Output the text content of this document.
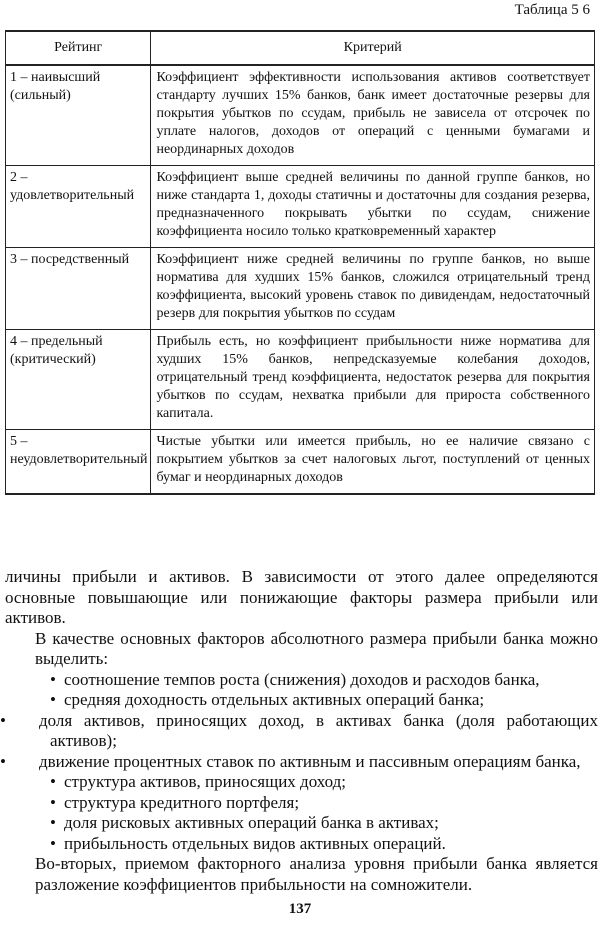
Таблица 5 6
Рейтинг	Критерий
1 – наивысший (сильный)	Коэффициент эффективности использования активов соответствует стандарту лучших 15% банков, банк имеет достаточные резервы для покрытия убытков по ссудам, прибыль не зависела от отсрочек по уплате налогов, доходов от операций с ценными бумагами и неординарных доходов
2 – удовлетворительный	Коэффициент выше средней величины по данной группе банков, но ниже стандарта 1, доходы статичны и достаточны для создания резерва, предназначенного покрывать убытки по ссудам, снижение коэффициента носило только кратковременный характер
3 – посредственный	Коэффициент ниже средней величины по группе банков, но выше норматива для худших 15% банков, сложился отрицательный тренд коэффициента, высокий уровень ставок по дивидендам, недостаточный резерв для покрытия убытков по ссудам
4 – предельный (критический)	Прибыль есть, но коэффициент прибыльности ниже норматива для худших 15% банков, непредсказуемые колебания доходов, отрицательный тренд коэффициента, недостаток резерва для покрытия убытков по ссудам, нехватка прибыли для прироста собственного капитала.
5 – неудовлетворительный	Чистые убытки или имеется прибыль, но ее наличие связано с покрытием убытков за счет налоговых льгот, поступлений от ценных бумаг и неординарных доходов

личины прибыли и активов. В зависимости от этого далее определяются основные повышающие или понижающие факторы размера прибыли или активов.

В качестве основных факторов абсолютного размера прибыли банка можно выделить:

• соотношение темпов роста (снижения) доходов и расходов банка,
• средняя доходность отдельных активных операций банка;
• доля активов, приносящих доход, в активах банка (доля работающих активов);
• движение процентных ставок по активным и пассивным операциям банка,
• структура активов, приносящих доход;
• структура кредитного портфеля;
• доля рисковых активных операций банка в активах;
• прибыльность отдельных видов активных операций.

Во-вторых, приемом факторного анализа уровня прибыли банка является разложение коэффициентов прибыльности на сомножители.

137
